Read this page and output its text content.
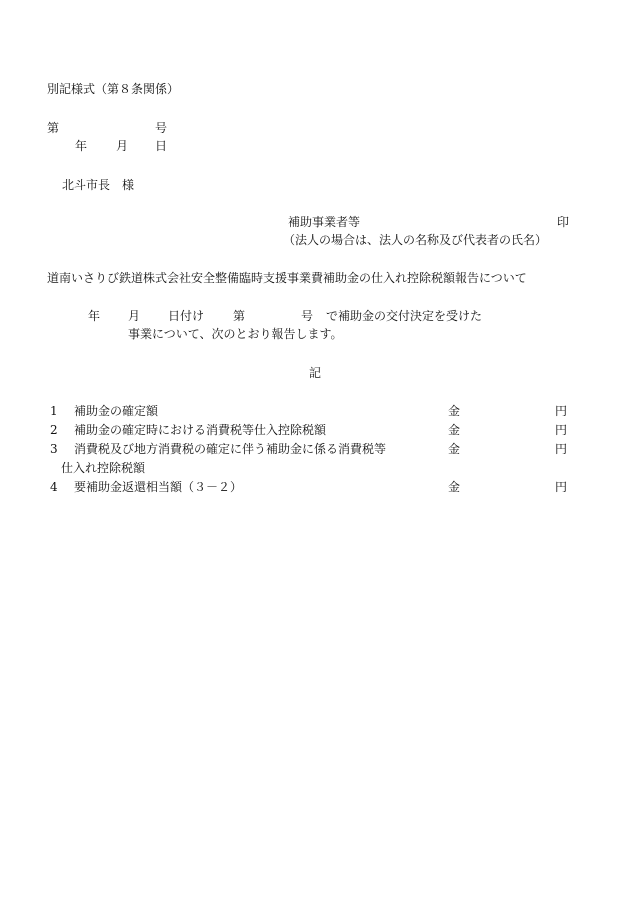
別記様式（第８条関係）
第	号
年 月 日
北斗市長　様
補助事業者等	印
（法人の場合は、法人の名称及び代表者の氏名）
道南いさりび鉄道株式会社安全整備臨時支援事業費補助金の仕入れ控除税額報告について
年 月 日付け 第	号 で補助金の交付決定を受けた
事業について、次のとおり報告します。
記
1 補助金の確定額	金	円
2 補助金の確定時における消費税等仕入控除税額	金	円
3 消費税及び地方消費税の確定に伴う補助金に係る消費税等
仕入れ控除税額
金	円
4 要補助金返還相当額（３－２）	金	円
